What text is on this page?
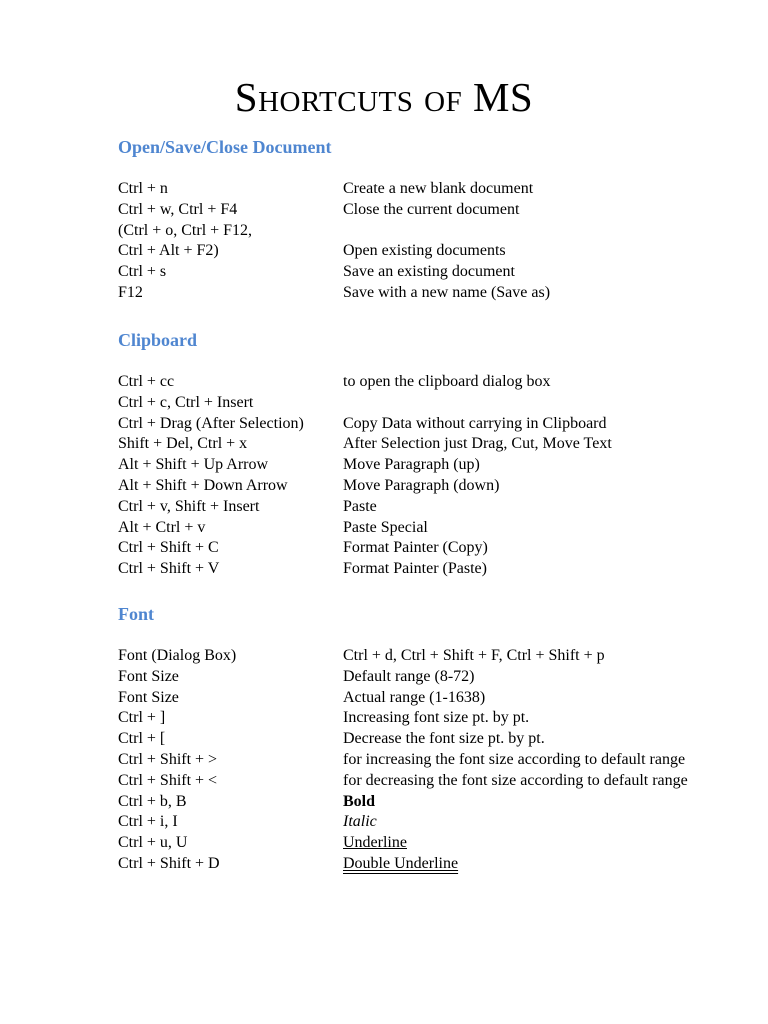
Shortcuts of MS
Open/Save/Close Document
Ctrl + n	Create a new blank document
Ctrl + w, Ctrl + F4	Close the current document
(Ctrl + o, Ctrl + F12,
Ctrl + Alt + F2)	Open existing documents
Ctrl + s	Save an existing document
F12	Save with a new name (Save as)
Clipboard
Ctrl + cc	to open the clipboard dialog box
Ctrl + c, Ctrl + Insert
Ctrl + Drag (After Selection)	Copy Data without carrying in Clipboard
Shift + Del, Ctrl + x	After Selection just Drag, Cut, Move Text
Alt + Shift + Up Arrow	Move Paragraph (up)
Alt + Shift + Down Arrow	Move Paragraph (down)
Ctrl + v, Shift + Insert	Paste
Alt + Ctrl + v	Paste Special
Ctrl + Shift + C	Format Painter (Copy)
Ctrl + Shift + V	Format Painter (Paste)
Font
Font (Dialog Box)	Ctrl + d, Ctrl + Shift + F, Ctrl + Shift + p
Font Size	Default range (8-72)
Font Size	Actual range (1-1638)
Ctrl + ]	Increasing font size pt. by pt.
Ctrl + [	Decrease the font size pt. by pt.
Ctrl + Shift + >	for increasing the font size according to default range
Ctrl + Shift + <	for decreasing the font size according to default range
Ctrl + b, B	Bold
Ctrl + i, I	Italic
Ctrl + u, U	Underline
Ctrl + Shift + D	Double Underline
